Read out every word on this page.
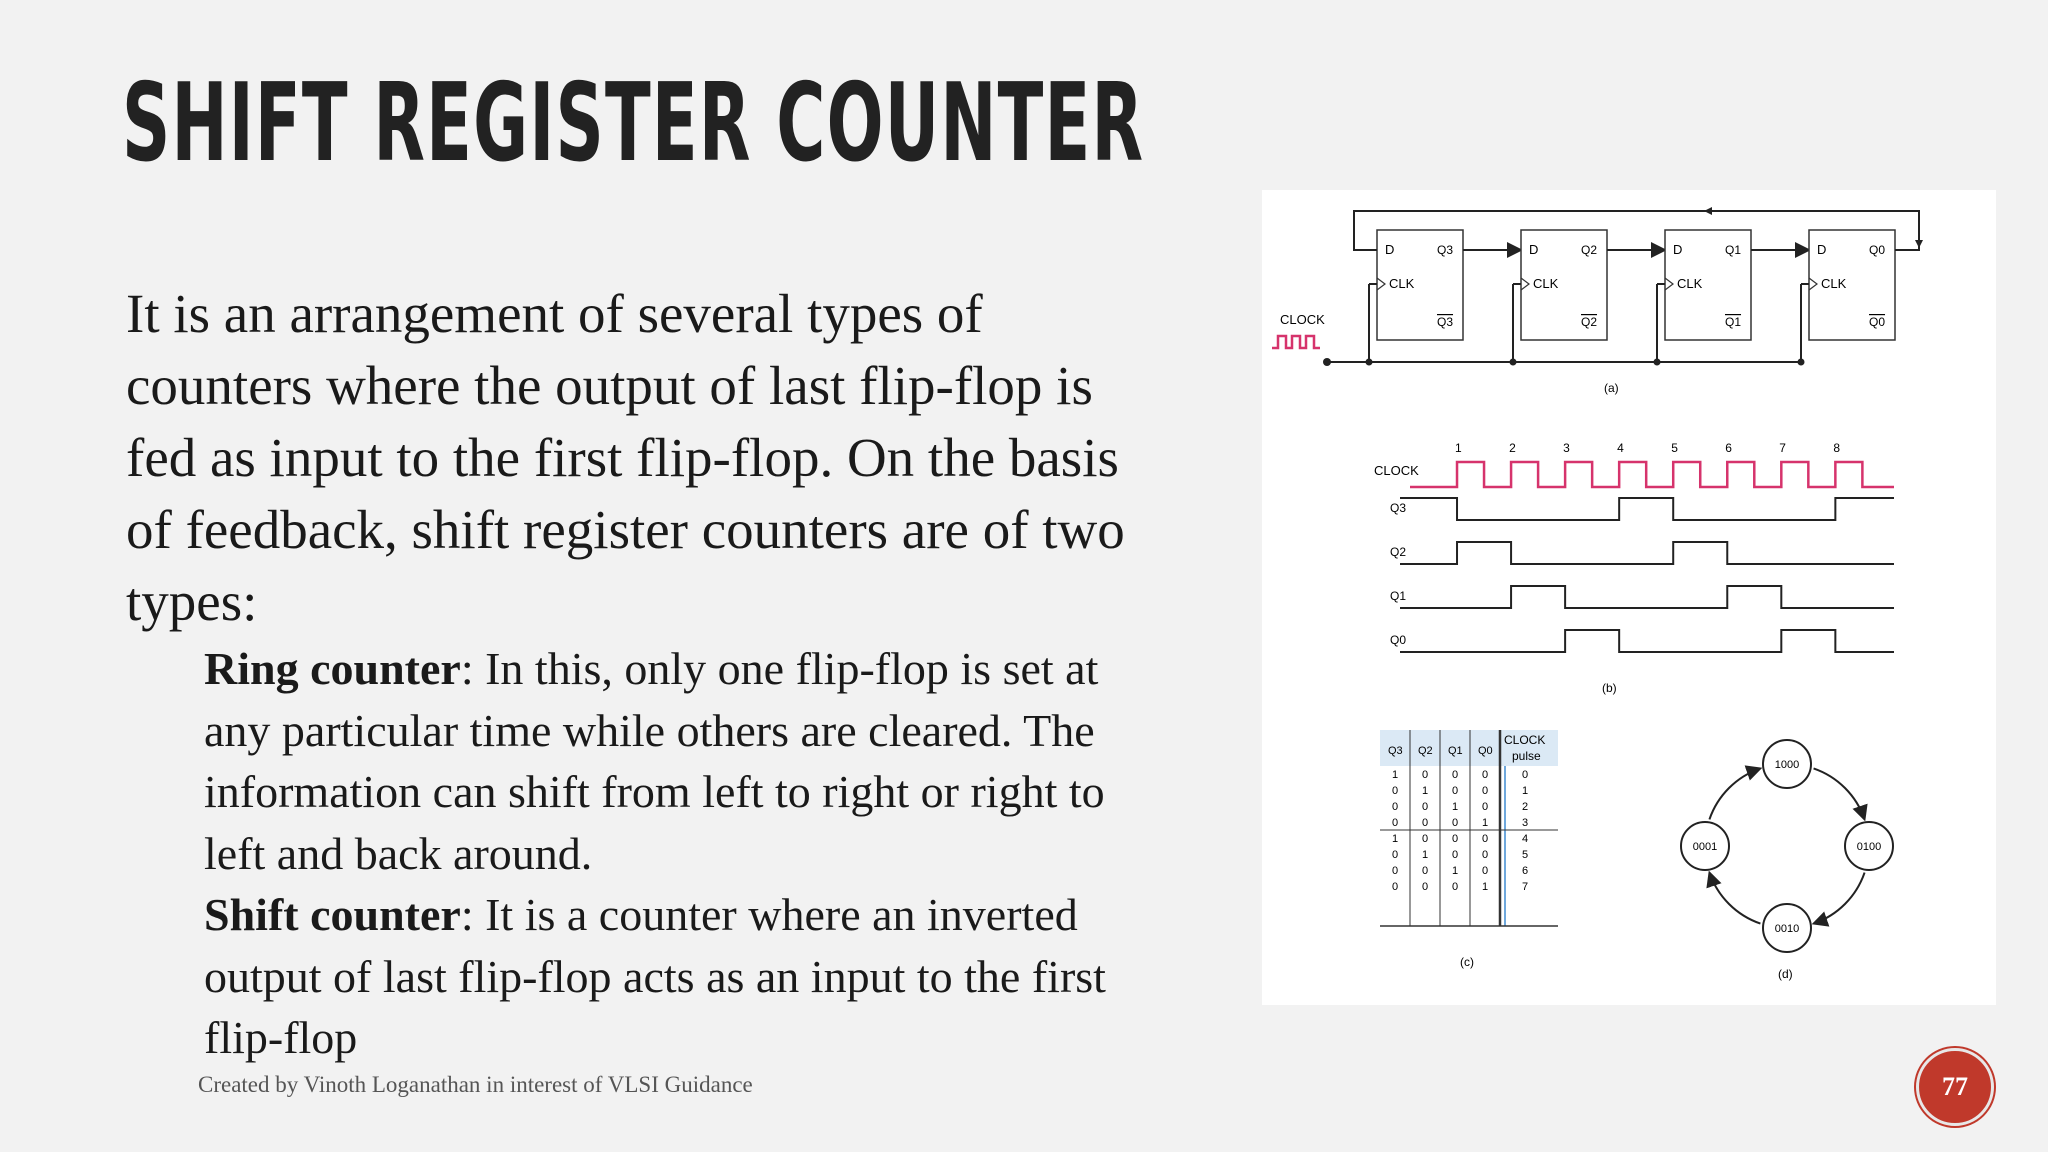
SHIFT REGISTER COUNTER

It is an arrangement of several types of counters where the output of last flip-flop is fed as input to the first flip-flop. On the basis of feedback, shift register counters are of two types:

Ring counter: In this, only one flip-flop is set at any particular time while others are cleared. The information can shift from left to right or right to left and back around.

Shift counter: It is a counter where an inverted output of last flip-flop acts as an input to the first flip-flop

Created by Vinoth Loganathan in interest of VLSI Guidance
D	Q3
CLK
Q3
D	Q2
CLK
Q2
D	Q1
CLK
Q1
D	Q0
CLK
Q0
CLOCK
(a)
CLOCK
1	2	3	4	5	6	7	8
Q3
Q2
Q1
Q0
(b)
Q3 Q2 Q1 Q0
CLOCK
pulse
1 0 0 0	0
0 1 0 0	1
0 0 1 0	2
0 0 0 1	3
1 0 0 0	4
0 1 0 0	5
0 0 1 0	6
0 0 0 1	7
(c)
1000
0100
0010
0001
(d)
77
